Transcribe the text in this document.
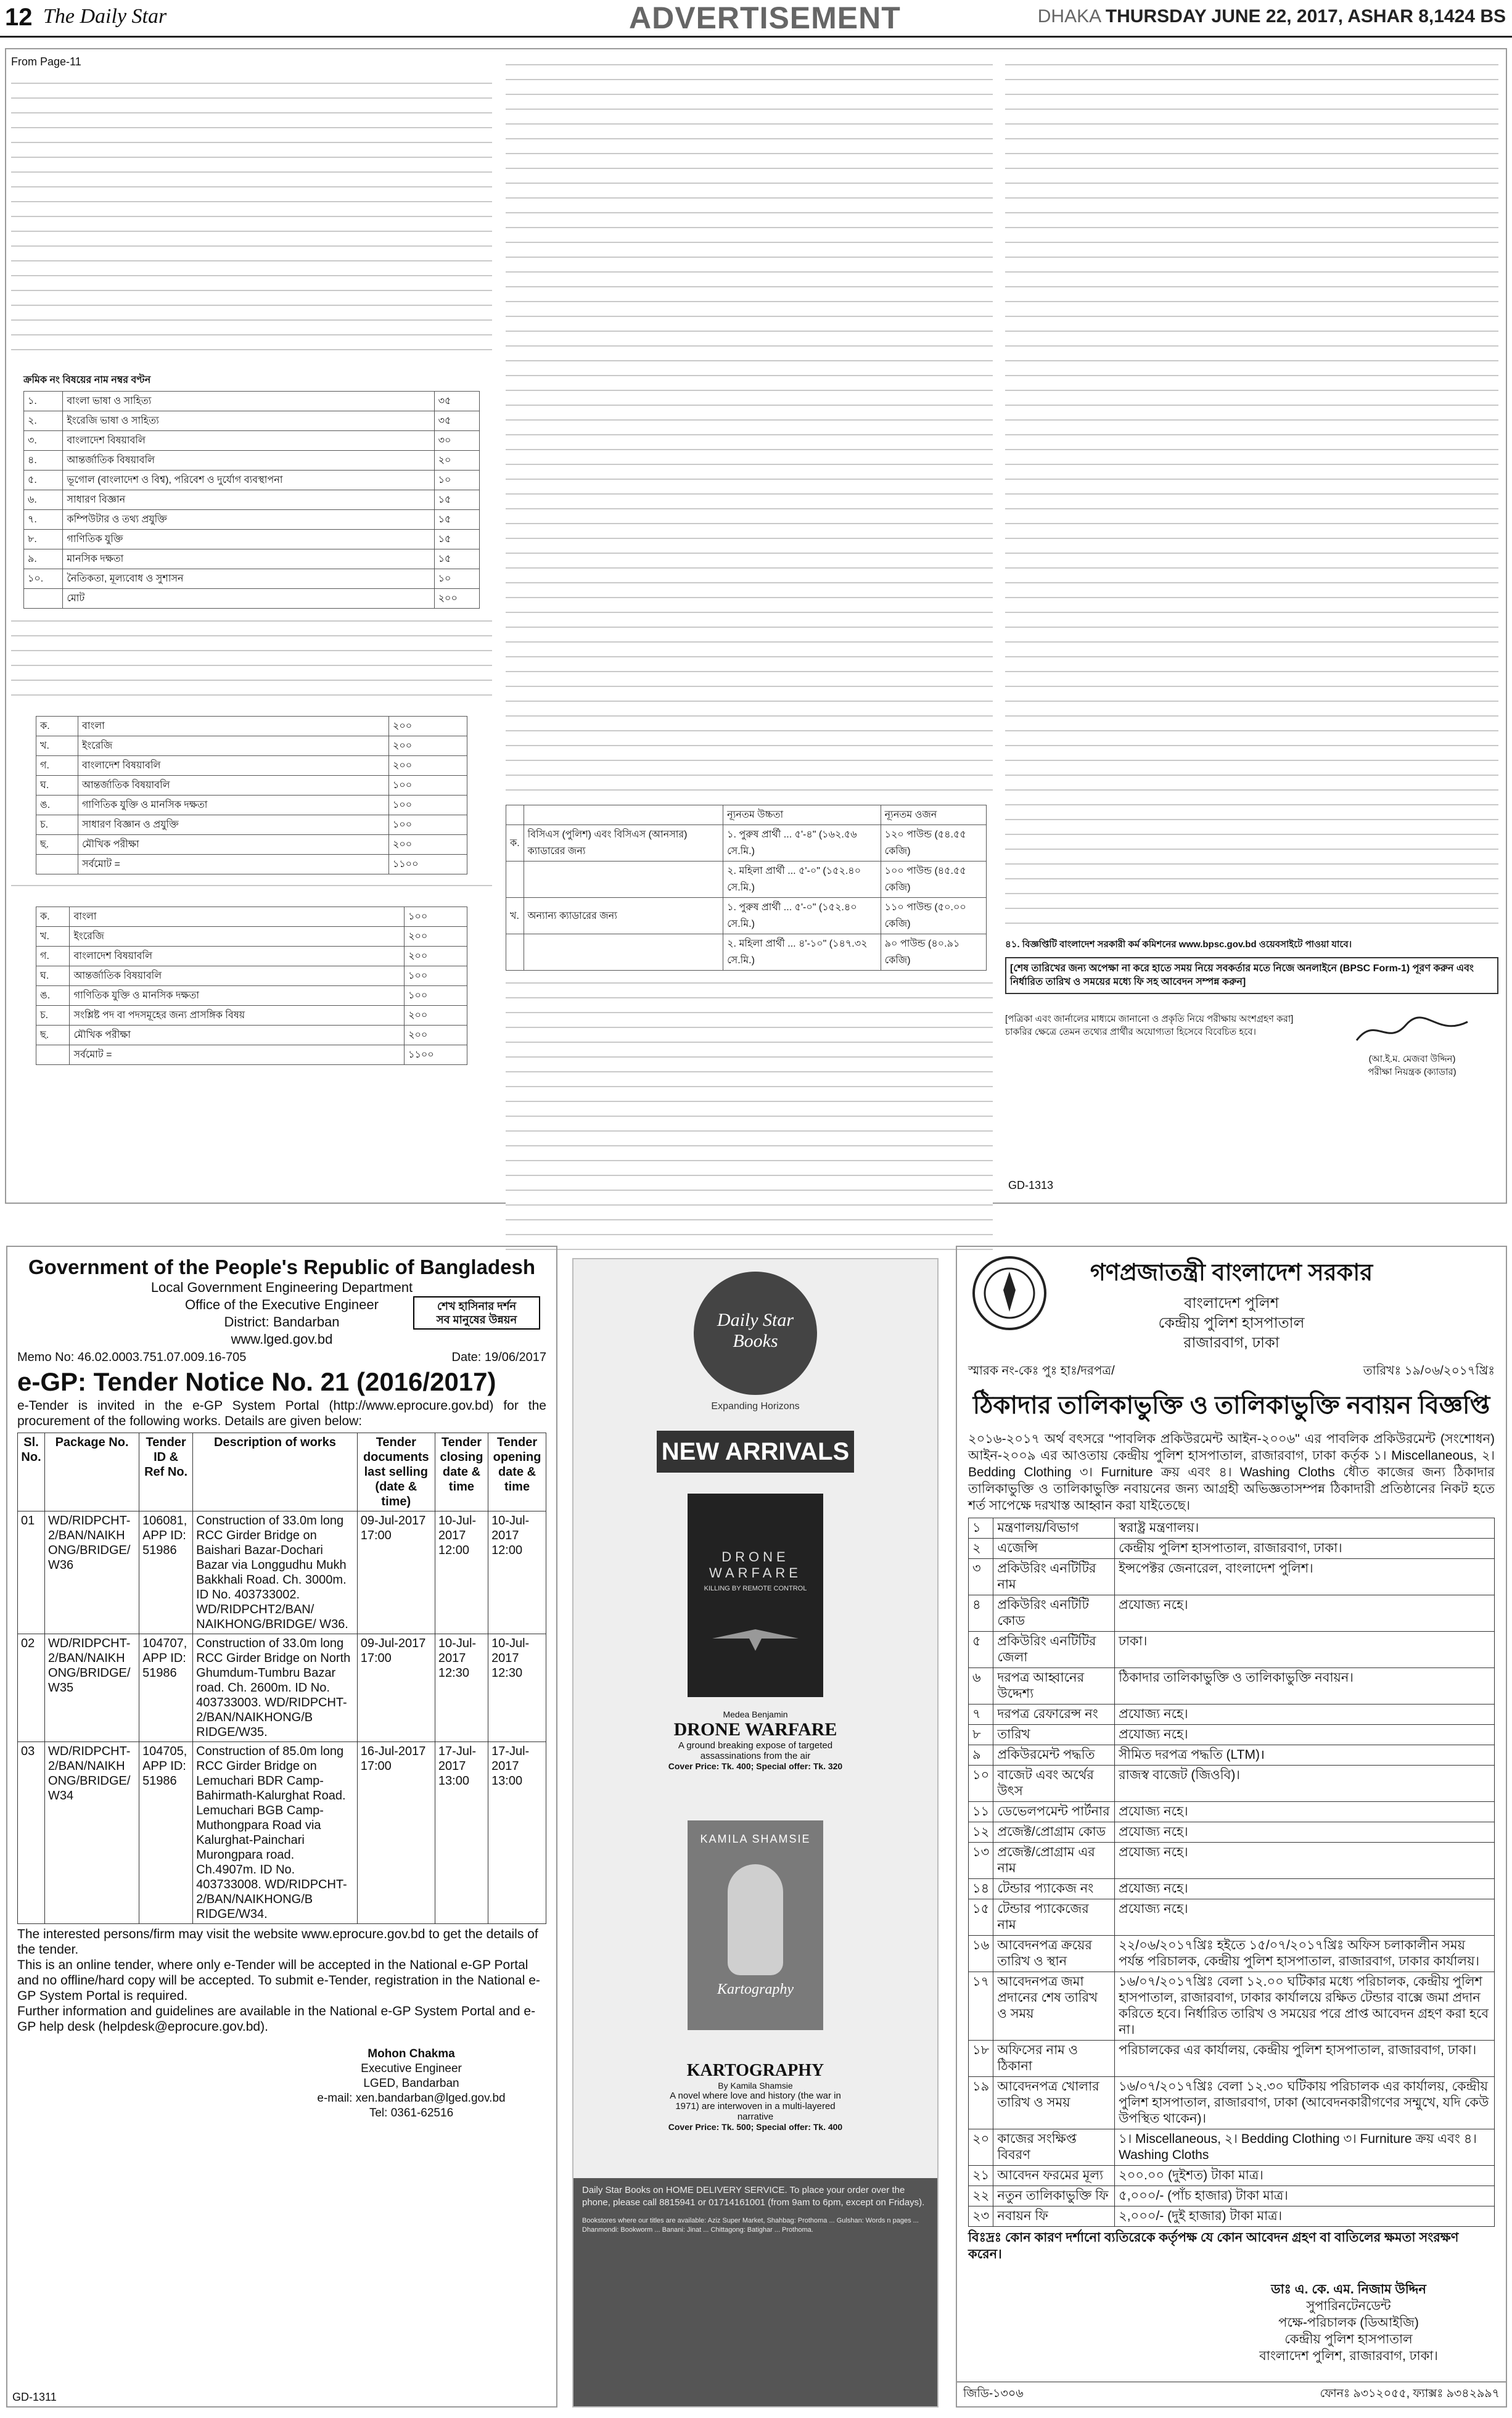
12 The Daily Star	ADVERTISEMENT	DHAKA THURSDAY JUNE 22, 2017, ASHAR 8,1424 BS
From Page-11
ক্রমিক নং বিষয়ের নাম নম্বর বণ্টন
১.	বাংলা ভাষা ও সাহিত্য	৩৫
২.	ইংরেজি ভাষা ও সাহিত্য	৩৫
৩.	বাংলাদেশ বিষয়াবলি	৩০
৪.	আন্তর্জাতিক বিষয়াবলি	২০
৫.	ভূগোল (বাংলাদেশ ও বিশ্ব), পরিবেশ ও দুর্যোগ ব্যবস্থাপনা	১০
৬.	সাধারণ বিজ্ঞান	১৫
৭.	কম্পিউটার ও তথ্য প্রযুক্তি	১৫
৮.	গাণিতিক যুক্তি	১৫
৯.	মানসিক দক্ষতা	১৫
১০.	নৈতিকতা, মূল্যবোধ ও সুশাসন	১০
	মোট	২০০
ক.	বাংলা	২০০
খ.	ইংরেজি	২০০
গ.	বাংলাদেশ বিষয়াবলি	২০০
ঘ.	আন্তর্জাতিক বিষয়াবলি	১০০
ঙ.	গাণিতিক যুক্তি ও মানসিক দক্ষতা	১০০
চ.	সাধারণ বিজ্ঞান ও প্রযুক্তি	১০০
ছ.	মৌখিক পরীক্ষা	২০০
	সর্বমোট =	১১০০
ক.	বাংলা	১০০
খ.	ইংরেজি	২০০
গ.	বাংলাদেশ বিষয়াবলি	২০০
ঘ.	আন্তর্জাতিক বিষয়াবলি	১০০
ঙ.	গাণিতিক যুক্তি ও মানসিক দক্ষতা	১০০
চ.	সংশ্লিষ্ট পদ বা পদসমূহের জন্য প্রাসঙ্গিক বিষয়	২০০
ছ.	মৌখিক পরীক্ষা	২০০
	সর্বমোট =	১১০০
		ন্যূনতম উচ্চতা	ন্যূনতম ওজন
ক.	বিসিএস (পুলিশ) এবং বিসিএস (আনসার) ক্যাডারের জন্য	১. পুরুষ প্রার্থী ... ৫'-৪" (১৬২.৫৬ সে.মি.)	১২০ পাউন্ড (৫৪.৫৫ কেজি)
		২. মহিলা প্রার্থী ... ৫'-০" (১৫২.৪০ সে.মি.)	১০০ পাউন্ড (৪৫.৫৫ কেজি)
খ.	অন্যান্য ক্যাডারের জন্য	১. পুরুষ প্রার্থী ... ৫'-০" (১৫২.৪০ সে.মি.)	১১০ পাউন্ড (৫০.০০ কেজি)
		২. মহিলা প্রার্থী ... ৪'-১০" (১৪৭.৩২ সে.মি.)	৯০ পাউন্ড (৪০.৯১ কেজি)
৪১. বিজ্ঞপ্তিটি বাংলাদেশ সরকারী কর্ম কমিশনের www.bpsc.gov.bd ওয়েবসাইটে পাওয়া যাবে।
[শেষ তারিখের জন্য অপেক্ষা না করে হাতে সময় নিয়ে সবকর্তার মতে নিজে অনলাইনে (BPSC Form-1) পূরণ করুন এবং নির্ধারিত তারিখ ও সময়ের মধ্যে ফি সহ আবেদন সম্পন্ন করুন]
[পত্রিকা এবং জার্নালের মাধ্যমে জানানো ও প্রকৃতি নিয়ে পরীক্ষায় অংশগ্রহণ করা]
চাকরির ক্ষেত্রে তেমন তথ্যের প্রার্থীর অযোগ্যতা হিসেবে বিবেচিত হবে।
(আ.ই.ম. মেজবা উদ্দিন)
পরীক্ষা নিয়ন্ত্রক (ক্যাডার)
GD-1313
Government of the People's Republic of Bangladesh
Local Government Engineering Department
Office of the Executive Engineer
District: Bandarban
www.lged.gov.bd
শেখ হাসিনার দর্শন
সব মানুষের উন্নয়ন
Memo No: 46.02.0003.751.07.009.16-705	Date: 19/06/2017
e-GP: Tender Notice No. 21 (2016/2017)
e-Tender is invited in the e-GP System Portal (http://www.eprocure.gov.bd) for the procurement of the following works. Details are given below:
Sl. No.	Package No.	Tender ID & Ref No.	Description of works	Tender documents last selling (date & time)	Tender closing date & time	Tender opening date & time
01	WD/RIDPCHT-2/BAN/NAIKH ONG/BRIDGE/ W36	106081, APP ID: 51986	Construction of 33.0m long RCC Girder Bridge on Baishari Bazar-Dochari Bazar via Longgudhu Mukh Bakkhali Road. Ch. 3000m. ID No. 403733002. WD/RIDPCHT2/BAN/ NAIKHONG/BRIDGE/ W36.	09-Jul-2017 17:00	10-Jul-2017 12:00	10-Jul-2017 12:00
02	WD/RIDPCHT-2/BAN/NAIKH ONG/BRIDGE/ W35	104707, APP ID: 51986	Construction of 33.0m long RCC Girder Bridge on North Ghumdum-Tumbru Bazar road. Ch. 2600m. ID No. 403733003. WD/RIDPCHT-2/BAN/NAIKHONG/B RIDGE/W35.	09-Jul-2017 17:00	10-Jul-2017 12:30	10-Jul-2017 12:30
03	WD/RIDPCHT-2/BAN/NAIKH ONG/BRIDGE/ W34	104705, APP ID: 51986	Construction of 85.0m long RCC Girder Bridge on Lemuchari BDR Camp-Bahirmath-Kalurghat Road. Lemuchari BGB Camp-Muthongpara Road via Kalurghat-Painchari Murongpara road. Ch.4907m. ID No. 403733008. WD/RIDPCHT-2/BAN/NAIKHONG/B RIDGE/W34.	16-Jul-2017 17:00	17-Jul-2017 13:00	17-Jul-2017 13:00
The interested persons/firm may visit the website www.eprocure.gov.bd to get the details of the tender.
This is an online tender, where only e-Tender will be accepted in the National e-GP Portal and no offline/hard copy will be accepted. To submit e-Tender, registration in the National e-GP System Portal is required.
Further information and guidelines are available in the National e-GP System Portal and e-GP help desk (helpdesk@eprocure.gov.bd).
Mohon Chakma
Executive Engineer
LGED, Bandarban
e-mail: xen.bandarban@lged.gov.bd
Tel: 0361-62516
GD-1311
Daily Star Books
Expanding Horizons
NEW ARRIVALS
DRONE WARFARE
KILLING BY REMOTE CONTROL
Medea Benjamin
DRONE WARFARE
A ground breaking expose of targeted assassinations from the air
Cover Price: Tk. 400; Special offer: Tk. 320
KAMILA SHAMSIE
Kartography
KARTOGRAPHY
By Kamila Shamsie
A novel where love and history (the war in 1971) are interwoven in a multi-layered narrative
Cover Price: Tk. 500; Special offer: Tk. 400
Daily Star Books on HOME DELIVERY SERVICE. To place your order over the phone, please call 8815941 or 01714161001 (from 9am to 6pm, except on Fridays).
Bookstores where our titles are available: Aziz Super Market, Shahbag: Prothoma ... Gulshan: Words n pages ... Dhanmondi: Bookworm ... Banani: Jinat ... Chittagong: Batighar ... Prothoma.
গণপ্রজাতন্ত্রী বাংলাদেশ সরকার
বাংলাদেশ পুলিশ
কেন্দ্রীয় পুলিশ হাসপাতাল
রাজারবাগ, ঢাকা
স্মারক নং-কেঃ পুঃ হাঃ/দরপত্র/	তারিখঃ ১৯/০৬/২০১৭খ্রিঃ
ঠিকাদার তালিকাভুক্তি ও তালিকাভুক্তি নবায়ন বিজ্ঞপ্তি
২০১৬-২০১৭ অর্থ বৎসরে "পাবলিক প্রকিউরমেন্ট আইন-২০০৬" এর পাবলিক প্রকিউরমেন্ট (সংশোধন) আইন-২০০৯ এর আওতায় কেন্দ্রীয় পুলিশ হাসপাতাল, রাজারবাগ, ঢাকা কর্তৃক ১। Miscellaneous, ২। Bedding Clothing ৩। Furniture ক্রয় এবং ৪। Washing Cloths ধৌত কাজের জন্য ঠিকাদার তালিকাভুক্তি ও তালিকাভুক্তি নবায়নের জন্য আগ্রহী অভিজ্ঞতাসম্পন্ন ঠিকাদারী প্রতিষ্ঠানের নিকট হতে শর্ত সাপেক্ষে দরখাস্ত আহ্বান করা যাইতেছে।
১	মন্ত্রণালয়/বিভাগ	স্বরাষ্ট্র মন্ত্রণালয়।
২	এজেন্সি	কেন্দ্রীয় পুলিশ হাসপাতাল, রাজারবাগ, ঢাকা।
৩	প্রকিউরিং এনটিটির নাম	ইন্সপেক্টর জেনারেল, বাংলাদেশ পুলিশ।
৪	প্রকিউরিং এনটিটি কোড	প্রযোজ্য নহে।
৫	প্রকিউরিং এনটিটির জেলা	ঢাকা।
৬	দরপত্র আহ্বানের উদ্দেশ্য	ঠিকাদার তালিকাভুক্তি ও তালিকাভুক্তি নবায়ন।
৭	দরপত্র রেফারেন্স নং	প্রযোজ্য নহে।
৮	তারিখ	প্রযোজ্য নহে।
৯	প্রকিউরমেন্ট পদ্ধতি	সীমিত দরপত্র পদ্ধতি (LTM)।
১০	বাজেট এবং অর্থের উৎস	রাজস্ব বাজেট (জিওবি)।
১১	ডেভেলপমেন্ট পার্টনার	প্রযোজ্য নহে।
১২	প্রজেক্ট/প্রোগ্রাম কোড	প্রযোজ্য নহে।
১৩	প্রজেক্ট/প্রোগ্রাম এর নাম	প্রযোজ্য নহে।
১৪	টেন্ডার প্যাকেজ নং	প্রযোজ্য নহে।
১৫	টেন্ডার প্যাকেজের নাম	প্রযোজ্য নহে।
১৬	আবেদনপত্র ক্রয়ের তারিখ ও স্থান	২২/০৬/২০১৭খ্রিঃ হইতে ১৫/০৭/২০১৭খ্রিঃ অফিস চলাকালীন সময় পর্যন্ত পরিচালক, কেন্দ্রীয় পুলিশ হাসপাতাল, রাজারবাগ, ঢাকার কার্যালয়।
১৭	আবেদনপত্র জমা প্রদানের শেষ তারিখ ও সময়	১৬/০৭/২০১৭খ্রিঃ বেলা ১২.০০ ঘটিকার মধ্যে পরিচালক, কেন্দ্রীয় পুলিশ হাসপাতাল, রাজারবাগ, ঢাকার কার্যালয়ে রক্ষিত টেন্ডার বাক্সে জমা প্রদান করিতে হবে। নির্ধারিত তারিখ ও সময়ের পরে প্রাপ্ত আবেদন গ্রহণ করা হবে না।
১৮	অফিসের নাম ও ঠিকানা	পরিচালকের এর কার্যালয়, কেন্দ্রীয় পুলিশ হাসপাতাল, রাজারবাগ, ঢাকা।
১৯	আবেদনপত্র খোলার তারিখ ও সময়	১৬/০৭/২০১৭খ্রিঃ বেলা ১২.৩০ ঘটিকায় পরিচালক এর কার্যালয়, কেন্দ্রীয় পুলিশ হাসপাতাল, রাজারবাগ, ঢাকা (আবেদনকারীগণের সম্মুখে, যদি কেউ উপস্থিত থাকেন)।
২০	কাজের সংক্ষিপ্ত বিবরণ	১। Miscellaneous, ২। Bedding Clothing ৩। Furniture ক্রয় এবং ৪। Washing Cloths
২১	আবেদন ফরমের মূল্য	২০০.০০ (দুইশত) টাকা মাত্র।
২২	নতুন তালিকাভুক্তি ফি	৫,০০০/- (পাঁচ হাজার) টাকা মাত্র।
২৩	নবায়ন ফি	২,০০০/- (দুই হাজার) টাকা মাত্র।
বিঃদ্রঃ কোন কারণ দর্শানো ব্যতিরেকে কর্তৃপক্ষ যে কোন আবেদন গ্রহণ বা বাতিলের ক্ষমতা সংরক্ষণ করেন।
ডাঃ এ. কে. এম. নিজাম উদ্দিন
সুপারিনটেনডেন্ট
পক্ষে-পরিচালক (ডিআইজি)
কেন্দ্রীয় পুলিশ হাসপাতাল
বাংলাদেশ পুলিশ, রাজারবাগ, ঢাকা।
জিডি-১৩০৬	ফোনঃ ৯৩১২০৫৫, ফ্যাক্সঃ ৯৩৪২৯৯৭
